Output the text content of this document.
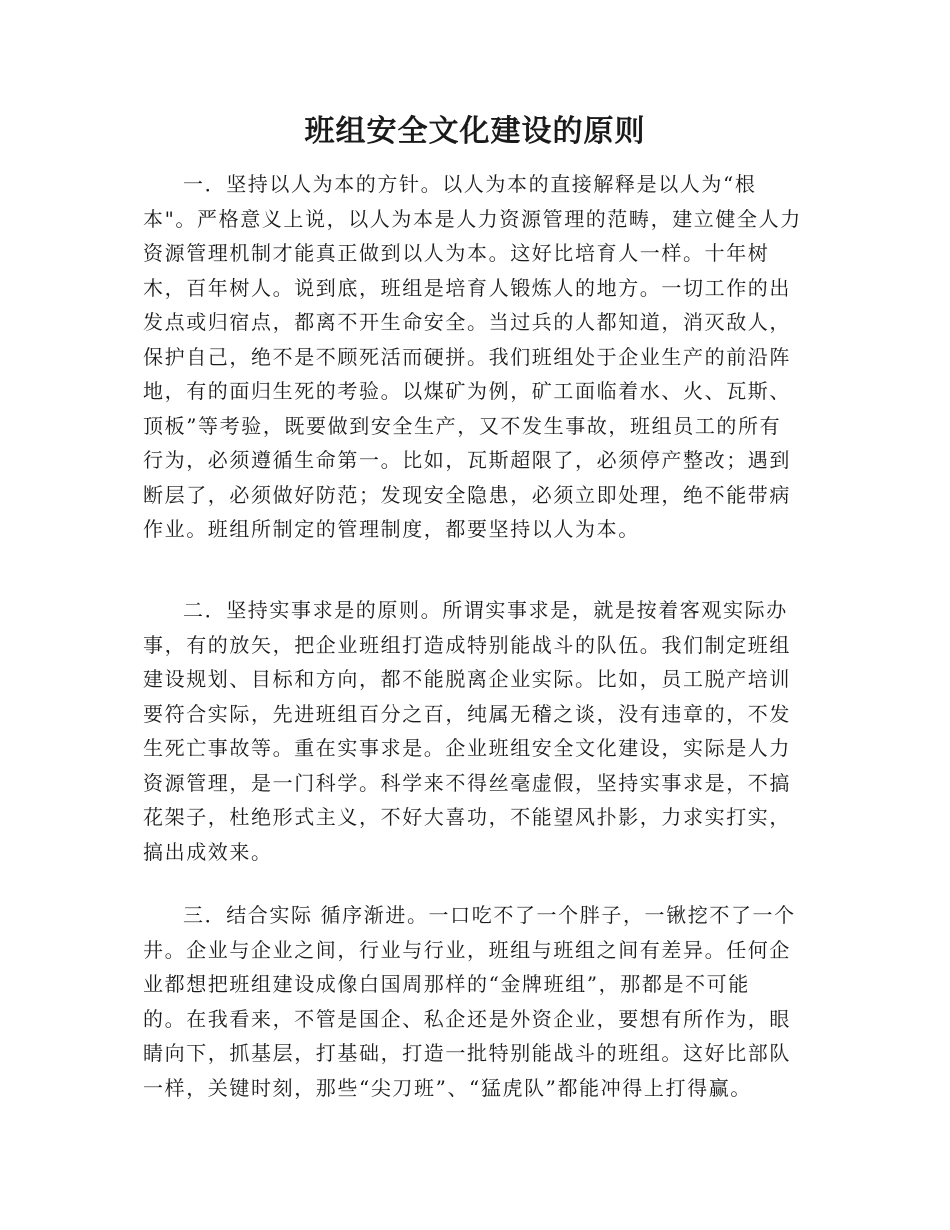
班组安全文化建设的原则
一．坚持以人为本的方针。以人为本的直接解释是以人为“根
本"。严格意义上说，以人为本是人力资源管理的范畴，建立健全人力
资源管理机制才能真正做到以人为本。这好比培育人一样。十年树
木，百年树人。说到底，班组是培育人锻炼人的地方。一切工作的出
发点或归宿点，都离不开生命安全。当过兵的人都知道，消灭敌人，
保护自己，绝不是不顾死活而硬拼。我们班组处于企业生产的前沿阵
地，有的面归生死的考验。以煤矿为例，矿工面临着水、火、瓦斯、
顶板”等考验，既要做到安全生产，又不发生事故，班组员工的所有
行为，必须遵循生命第一。比如，瓦斯超限了，必须停产整改；遇到
断层了，必须做好防范；发现安全隐患，必须立即处理，绝不能带病
作业。班组所制定的管理制度，都要坚持以人为本。
二．坚持实事求是的原则。所谓实事求是，就是按着客观实际办
事，有的放矢，把企业班组打造成特别能战斗的队伍。我们制定班组
建设规划、目标和方向，都不能脱离企业实际。比如，员工脱产培训
要符合实际，先进班组百分之百，纯属无稽之谈，没有违章的，不发
生死亡事故等。重在实事求是。企业班组安全文化建设，实际是人力
资源管理，是一门科学。科学来不得丝毫虚假，坚持实事求是，不搞
花架子，杜绝形式主义，不好大喜功，不能望风扑影，力求实打实，
搞出成效来。
三．结合实际 循序渐进。一口吃不了一个胖子，一锹挖不了一个
井。企业与企业之间，行业与行业，班组与班组之间有差异。任何企
业都想把班组建设成像白国周那样的“金牌班组”，那都是不可能
的。在我看来，不管是国企、私企还是外资企业，要想有所作为，眼
睛向下，抓基层，打基础，打造一批特别能战斗的班组。这好比部队
一样，关键时刻，那些“尖刀班”、“猛虎队”都能冲得上打得赢。
